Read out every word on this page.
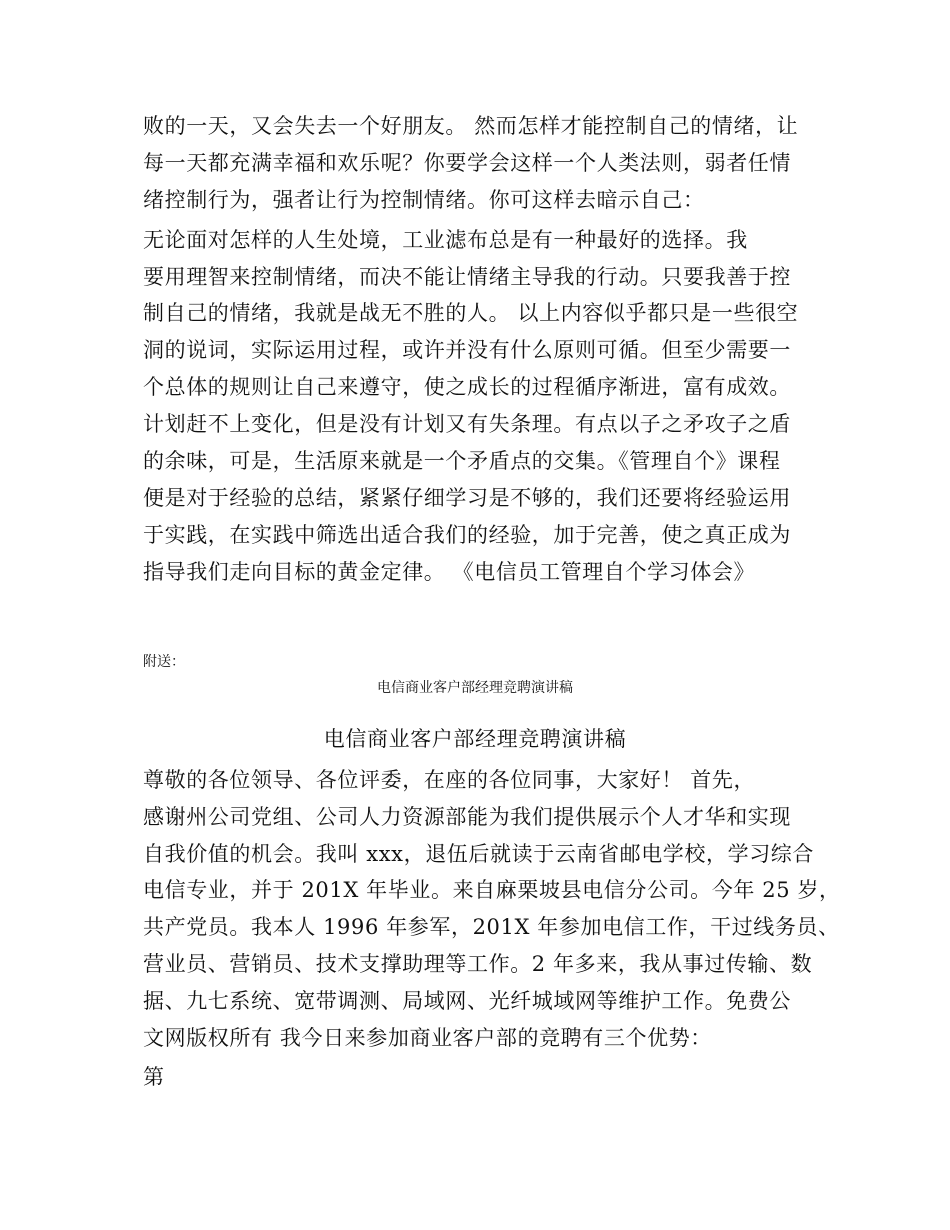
败的一天，又会失去一个好朋友。 然而怎样才能控制自己的情绪，让
每一天都充满幸福和欢乐呢？你要学会这样一个人类法则，弱者任情
绪控制行为，强者让行为控制情绪。你可这样去暗示自己：
无论面对怎样的人生处境，工业滤布总是有一种最好的选择。我
要用理智来控制情绪，而决不能让情绪主导我的行动。只要我善于控
制自己的情绪，我就是战无不胜的人。 以上内容似乎都只是一些很空
洞的说词，实际运用过程，或许并没有什么原则可循。但至少需要一
个总体的规则让自己来遵守，使之成长的过程循序渐进，富有成效。
计划赶不上变化，但是没有计划又有失条理。有点以子之矛攻子之盾
的余味，可是，生活原来就是一个矛盾点的交集。《管理自个》课程
便是对于经验的总结，紧紧仔细学习是不够的，我们还要将经验运用
于实践，在实践中筛选出适合我们的经验，加于完善，使之真正成为
指导我们走向目标的黄金定律。 《电信员工管理自个学习体会》
附送：
电信商业客户部经理竞聘演讲稿
电信商业客户部经理竞聘演讲稿
尊敬的各位领导、各位评委，在座的各位同事，大家好！ 首先，
感谢州公司党组、公司人力资源部能为我们提供展示个人才华和实现
自我价值的机会。我叫 xxx，退伍后就读于云南省邮电学校，学习综合
电信专业，并于 201X 年毕业。来自麻栗坡县电信分公司。今年 25 岁，
共产党员。我本人 1996 年参军，201X 年参加电信工作，干过线务员、
营业员、营销员、技术支撑助理等工作。2 年多来，我从事过传输、数
据、九七系统、宽带调测、局域网、光纤城域网等维护工作。免费公
文网版权所有 我今日来参加商业客户部的竞聘有三个优势：
第
